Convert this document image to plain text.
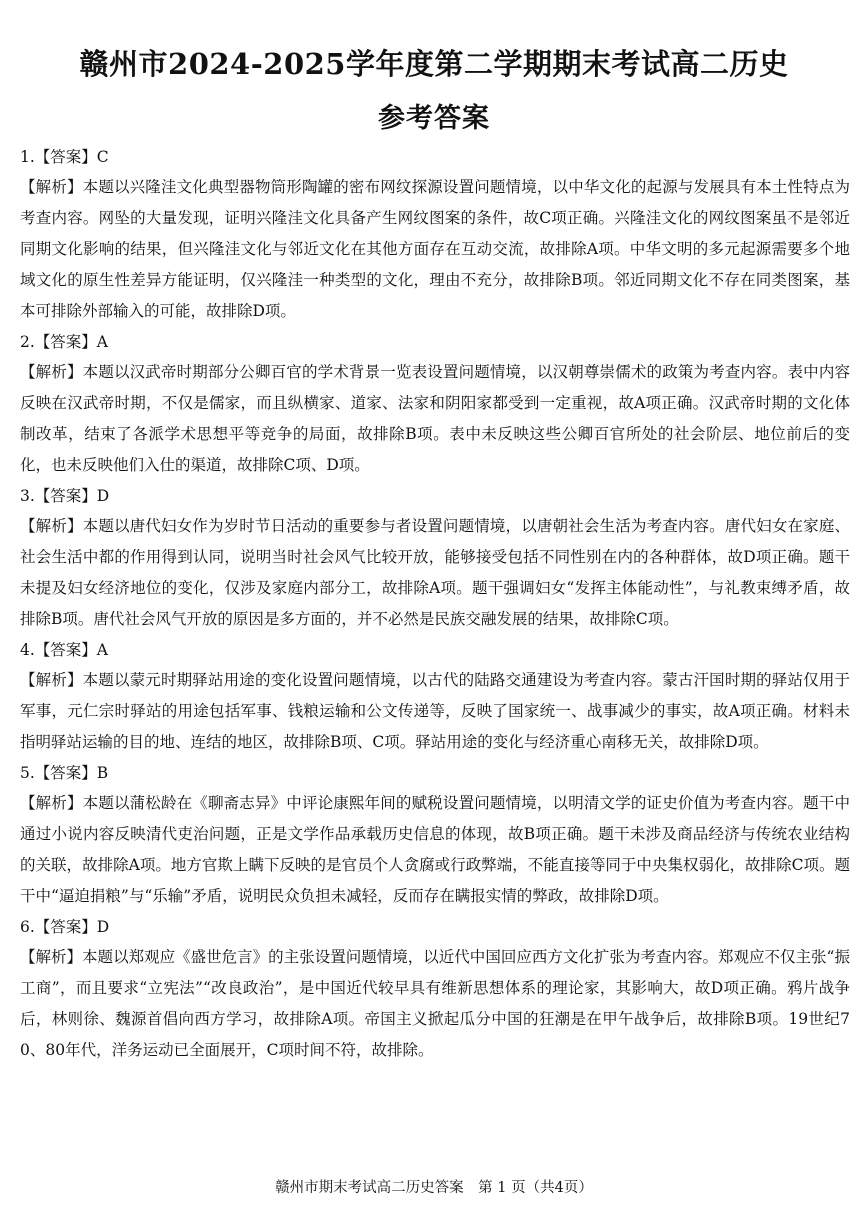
赣州市2024-2025学年度第二学期期末考试高二历史
参考答案
1.【答案】C
【解析】本题以兴隆洼文化典型器物筒形陶罐的密布网纹探源设置问题情境，以中华文化的起源与发展具有本土性特点为考查内容。网坠的大量发现，证明兴隆洼文化具备产生网纹图案的条件，故C项正确。兴隆洼文化的网纹图案虽不是邻近同期文化影响的结果，但兴隆洼文化与邻近文化在其他方面存在互动交流，故排除A项。中华文明的多元起源需要多个地域文化的原生性差异方能证明，仅兴隆洼一种类型的文化，理由不充分，故排除B项。邻近同期文化不存在同类图案，基本可排除外部输入的可能，故排除D项。
2.【答案】A
【解析】本题以汉武帝时期部分公卿百官的学术背景一览表设置问题情境，以汉朝尊崇儒术的政策为考查内容。表中内容反映在汉武帝时期，不仅是儒家，而且纵横家、道家、法家和阴阳家都受到一定重视，故A项正确。汉武帝时期的文化体制改革，结束了各派学术思想平等竞争的局面，故排除B项。表中未反映这些公卿百官所处的社会阶层、地位前后的变化，也未反映他们入仕的渠道，故排除C项、D项。
3.【答案】D
【解析】本题以唐代妇女作为岁时节日活动的重要参与者设置问题情境，以唐朝社会生活为考查内容。唐代妇女在家庭、社会生活中都的作用得到认同，说明当时社会风气比较开放，能够接受包括不同性别在内的各种群体，故D项正确。题干未提及妇女经济地位的变化，仅涉及家庭内部分工，故排除A项。题干强调妇女“发挥主体能动性”，与礼教束缚矛盾，故排除B项。唐代社会风气开放的原因是多方面的，并不必然是民族交融发展的结果，故排除C项。
4.【答案】A
【解析】本题以蒙元时期驿站用途的变化设置问题情境，以古代的陆路交通建设为考查内容。蒙古汗国时期的驿站仅用于军事，元仁宗时驿站的用途包括军事、钱粮运输和公文传递等，反映了国家统一、战事减少的事实，故A项正确。材料未指明驿站运输的目的地、连结的地区，故排除B项、C项。驿站用途的变化与经济重心南移无关，故排除D项。
5.【答案】B
【解析】本题以蒲松龄在《聊斋志异》中评论康熙年间的赋税设置问题情境，以明清文学的证史价值为考查内容。题干中通过小说内容反映清代吏治问题，正是文学作品承载历史信息的体现，故B项正确。题干未涉及商品经济与传统农业结构的关联，故排除A项。地方官欺上瞒下反映的是官员个人贪腐或行政弊端，不能直接等同于中央集权弱化，故排除C项。题干中“逼迫捐粮”与“乐输”矛盾，说明民众负担未减轻，反而存在瞒报实情的弊政，故排除D项。
6.【答案】D
【解析】本题以郑观应《盛世危言》的主张设置问题情境，以近代中国回应西方文化扩张为考查内容。郑观应不仅主张“振工商”，而且要求“立宪法”“改良政治”，是中国近代较早具有维新思想体系的理论家，其影响大，故D项正确。鸦片战争后，林则徐、魏源首倡向西方学习，故排除A项。帝国主义掀起瓜分中国的狂潮是在甲午战争后，故排除B项。19世纪70、80年代，洋务运动已全面展开，C项时间不符，故排除。
赣州市期末考试高二历史答案　第 1 页（共4页）
